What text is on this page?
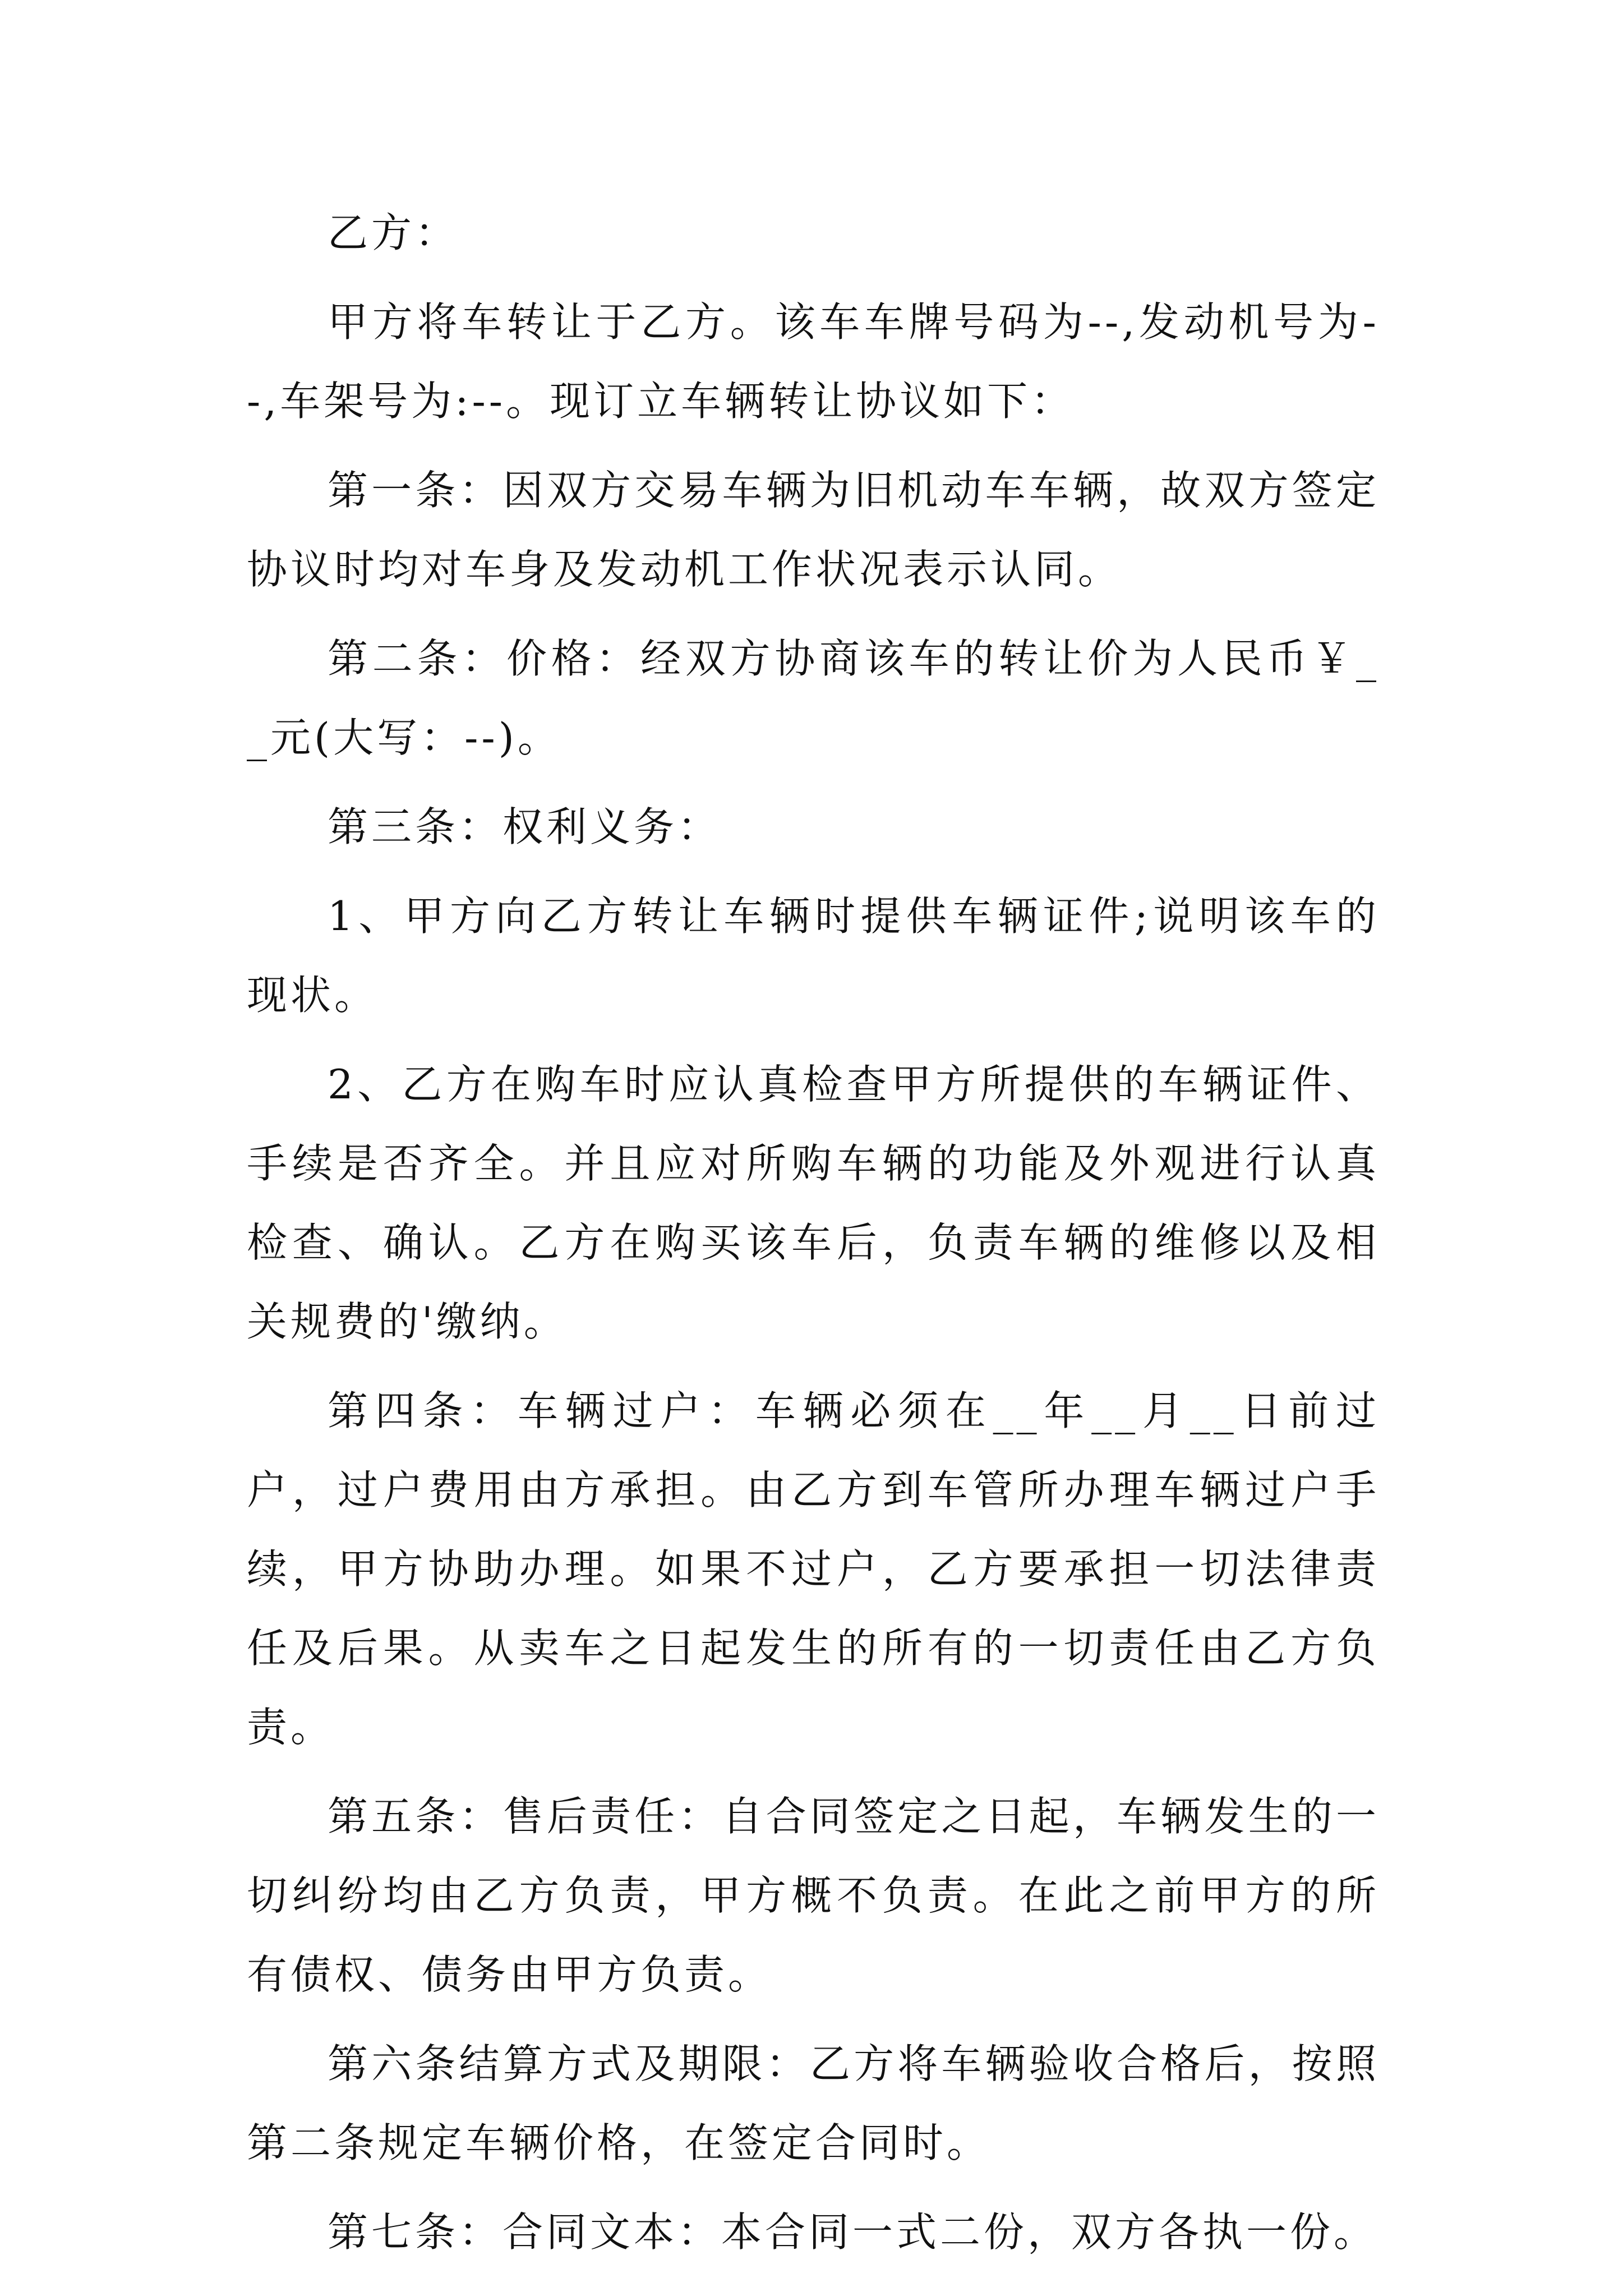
乙方：

甲方将车转让于乙方。该车车牌号码为--,发动机号为--,车架号为:--。现订立车辆转让协议如下：

第一条：因双方交易车辆为旧机动车车辆，故双方签定协议时均对车身及发动机工作状况表示认同。

第二条：价格：经双方协商该车的转让价为人民币￥__元(大写：--)。

第三条：权利义务：

1、甲方向乙方转让车辆时提供车辆证件;说明该车的现状。

2、乙方在购车时应认真检查甲方所提供的车辆证件、手续是否齐全。并且应对所购车辆的功能及外观进行认真检查、确认。乙方在购买该车后，负责车辆的维修以及相关规费的'缴纳。

第四条：车辆过户：车辆必须在__年__月__日前过户，过户费用由方承担。由乙方到车管所办理车辆过户手续，甲方协助办理。如果不过户，乙方要承担一切法律责任及后果。从卖车之日起发生的所有的一切责任由乙方负责。

第五条：售后责任：自合同签定之日起，车辆发生的一切纠纷均由乙方负责，甲方概不负责。在此之前甲方的所有债权、债务由甲方负责。

第六条结算方式及期限：乙方将车辆验收合格后，按照第二条规定车辆价格，在签定合同时。

第七条：合同文本：本合同一式二份，双方各执一份。
